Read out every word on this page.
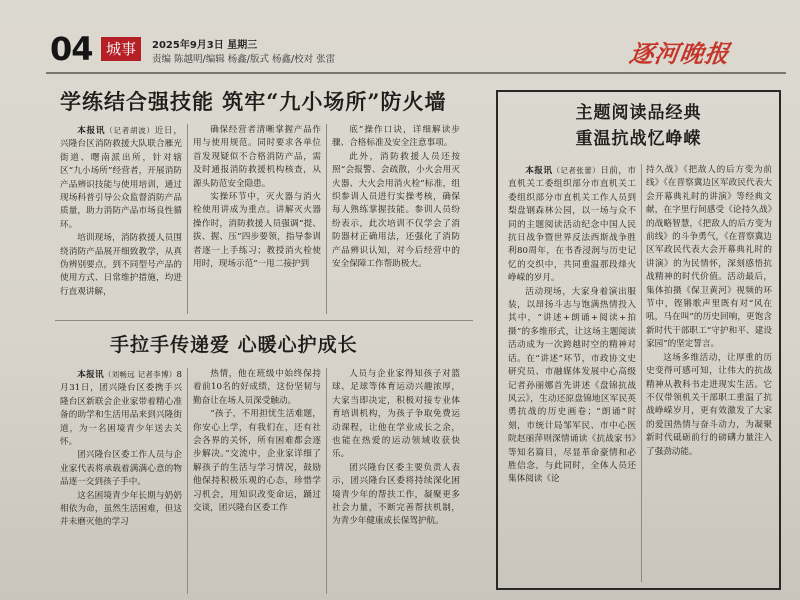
04 城事	2025年9月3日 星期三
责编 陈越明/编辑 杨鑫/版式 杨鑫/校对 张雷	逐河晚报
学练结合强技能 筑牢“九小场所”防火墙

本报讯（记者胡波）近日，兴隆台区消防救援大队联合雁光街道、曙南派出所，针对辖区“九小场所”经营者，开展消防产品辨识技能与使用培训，通过现场科普引导公众监督消防产品质量，助力消防产品市场良性循环。

培训现场，消防救援人员围绕消防产品展开细致教学，从真伪辨别要点，到不同型号产品的使用方式、日常维护措施，均进行直观讲解，

确保经营者清晰掌握产品作用与使用规范。同时要求各单位首发现疑似不合格消防产品，需及时通报消防救援机构核查，从源头防范安全隐患。

实操环节中，灭火器与消火栓使用讲成为重点。讲解灭火器操作时，消防救援人员强调“提、拔、握、压”四步要领，指导参训者逐一上手练习；教授消火栓使用时，现场示范“一甩二接护到

底”操作口诀，详细解读步骤、合格标准及安全注意事项。

此外，消防救援人员还按照“会报警、会疏散，小火会用灭火器、大火会用消火栓”标准，组织参训人员进行实操考核，确保每人熟练掌握技能。参训人员纷纷表示，此次培训不仅学会了消防器材正确用法，还强化了消防产品辨识认知，对今后经营中的安全保障工作帮助极大。

手拉手传递爱 心暖心护成长

本报讯（刘畅远 记者李博）8月31日，团兴隆台区委携手兴隆台区新联会企业家带着精心准备的助学和生活用品来到兴隆街道，为一名困境青少年送去关怀。

团兴隆台区委工作人员与企业家代表将承载着满满心意的物品逐一交到孩子手中。

这名困境青少年长期与奶奶相依为命，虽然生活困难，但这并未磨灭他的学习

热情，他在班级中始终保持着前10名的好成绩，这份坚韧与勤奋让在场人员深受触动。

“孩子，不用担忧生活难题，你安心上学，有我们在，还有社会各界的关怀，所有困难都会逐步解决。”交流中，企业家详细了解孩子的生活与学习情况，鼓励他保持积极乐观的心态，珍惜学习机会，用知识改变命运，踊过交谈，团兴隆台区委工作

人员与企业家得知孩子对篮球、足球等体育运动兴趣浓厚，大家当即决定，积极对接专业体育培训机构，为孩子争取免费运动课程，让他在学业成长之余，也能在热爱的运动领域收获快乐。

团兴隆台区委主要负责人表示，团兴隆台区委将持续深化困境青少年的帮扶工作，凝聚更多社会力量，不断完善帮扶机制，为青少年健康成长保驾护航。

主题阅读品经典
重温抗战忆峥嵘

本报讯（记者张蕾）日前，市直机关工委组织部分市直机关工委组织部分市直机关工作人员到梨盘钢森林公园，以一场与众不同的主题阅读活动纪念中国人民抗日战争暨世界反法西斯战争胜利80周年，在书香浸润与历史记忆的交织中，共同重温那段烽火峥嵘的岁月。

活动现场，大家身着演出服装，以昂扬斗志与饱满热情投入其中，“讲述+朗诵+阅读+拍摄”的多维形式，让这场主题阅读活动成为一次跨越时空的精神对话。在“讲述”环节，市政协文史研究员、市融媒体发展中心高级记者孙丽娜首先讲述《盘锦抗战风云》，生动还原盘锦地区军民英勇抗战的历史画卷；“朗诵”时刻，市统计局邹军民、市中心医院赵丽萍则深情诵读《抗战家书》等知名篇目，尽显革命豪情和必胜信念，与此同时，全体人员还集体阅读《论

持久战》《把敌人的后方变为前线》《在晋察冀边区军政民代表大会开幕典礼时的讲演》等经典文献，在字里行间感受《论持久战》的战略智慧，《把敌人的后方变为前线》的斗争勇气，《在晋察冀边区军政民代表大会开幕典礼时的讲演》的为民情怀，深刻感悟抗战精神的时代价值。活动最后，集体拍摄《保卫黄河》视频的环节中，铿锵歌声里既有对“风在吼，马在叫”的历史回响，更饱含新时代干部职工“守护和平、建设家园”的坚定誓言。

这场多维活动，让厚重的历史变得可感可知，让伟大的抗战精神从教科书走进现实生活。它不仅带领机关干部职工重温了抗战峥嵘岁月，更有效激发了大家的爱国热情与奋斗动力，为凝聚新时代砥砺前行的磅礴力量注入了强劲动能。
